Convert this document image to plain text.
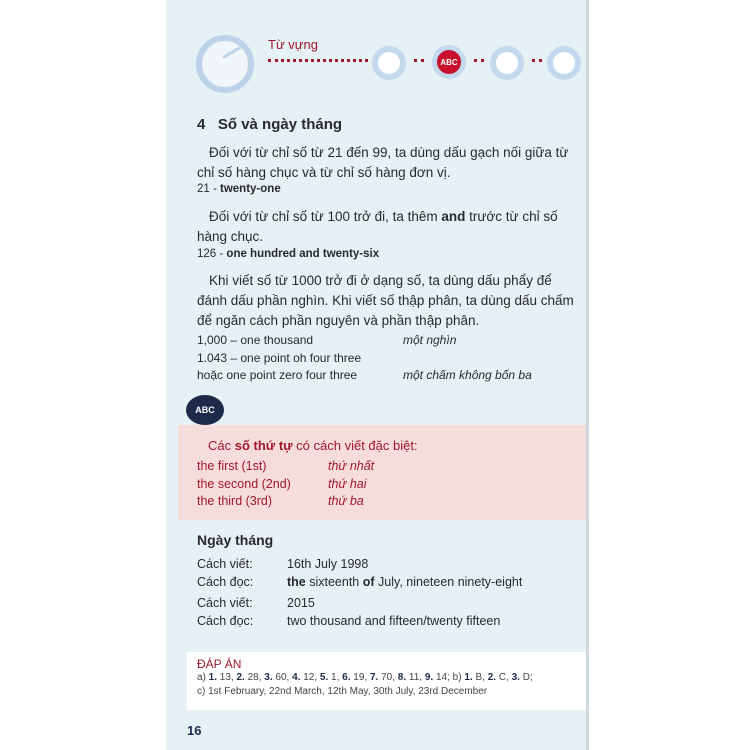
Từ vựng
ABC
4 Số và ngày tháng
Đối với từ chỉ số từ 21 đến 99, ta dùng dấu gạch nối giữa từ chỉ số hàng chục và từ chỉ số hàng đơn vị.
21 - twenty-one
Đối với từ chỉ số từ 100 trở đi, ta thêm and trước từ chỉ số hàng chục.
126 - one hundred and twenty-six
Khi viết số từ 1000 trở đi ở dạng số, ta dùng dấu phẩy để đánh dấu phần nghìn. Khi viết số thập phân, ta dùng dấu chấm để ngăn cách phần nguyên và phần thập phân.
1,000 – one thousand	một nghìn
1.043 – one point oh four three
hoặc one point zero four three	một chấm không bốn ba
ABC
Các số thứ tự có cách viết đặc biệt:
the first (1st)	thứ nhất
the second (2nd)	thứ hai
the third (3rd)	thứ ba
Ngày tháng
Cách viết:	16th July 1998
Cách đọc:	the sixteenth of July, nineteen ninety-eight
Cách viết:	2015
Cách đọc:	two thousand and fifteen/twenty fifteen
ĐÁP ÁN
a) 1. 13, 2. 28, 3. 60, 4. 12, 5. 1, 6. 19, 7. 70, 8. 11, 9. 14; b) 1. B, 2. C, 3. D;
c) 1st February, 22nd March, 12th May, 30th July, 23rd December
16
